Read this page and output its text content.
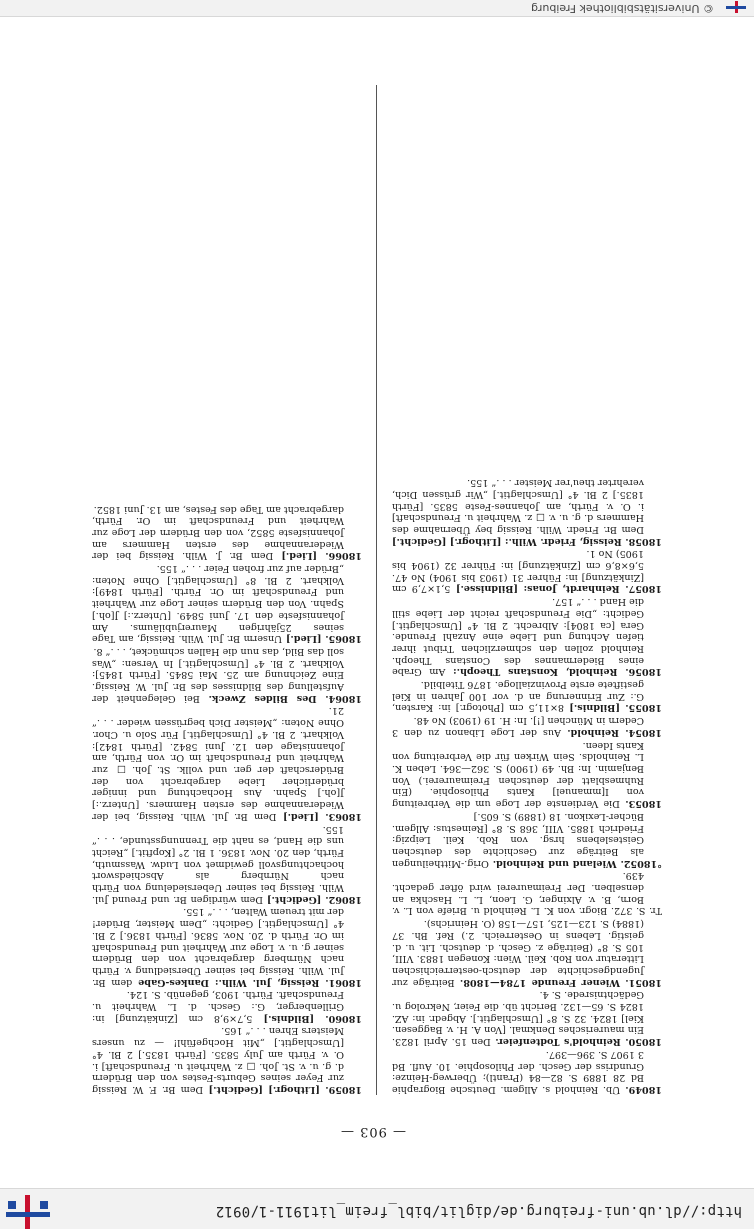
http://dl.ub.uni-freiburg.de/diglit/bibl_freim_lit1911-1/0912
— 903 —

18049. Üb. Reinhold s. Allgem. Deutsche Biographie Bd 28 1889 S. 82—84 (Prantl); Überweg-Heinze: Grundriss der Gesch. der Philosophie. 10. Aufl. Bd 3 1907 S. 396—397.

18050. Reinhold's Todtenfeier. Den 15. April 1823. Ein maurerisches Denkmal. [Von A. H. v. Baggesen. Kiel] 1824. 32 S. 8° [Umschlagtit.]. Abgedr. in: AZ. 1824 S. 65—132. Bericht üb. die Feier, Nekrolog u. Gedächtnisrede. S. 4.

18051. Wiener Freunde 1784—1808. Beiträge zur Jugendgeschichte der deutsch-oesterreichischen Litteratur von Rob. Keil. Wien: Konegen 1883. VIII, 105 S. 8° (Beiträge z. Gesch. d. deutsch. Lit. u. d. geistig. Lebens in Oesterreich. 2.) Ref. Bh. 37 (1884) S. 123—125, 157—158 (O. Heinrichs).

Tr. S. 372. Biogr. von K. L. Reinhold u. Briefe von L. v. Born, B. v. Alxinger, G. Leon, L. L. Haschka an denselben. Der Freimaurerei wird öfter gedacht. 439.

°18052. Wieland und Reinhold. Orig.-Mittheilungen als Beiträge zur Geschichte des deutschen Geisteslebens hrsg. von Rob. Keil. Leipzig: Friedrich 1885. VIII, 368 S. 8° [Reinestus: Allgem. Bücher-Lexikon. 18 (1889) S. 605.]

18053. Die Verdienste der Loge um die Verbreitung von I[mmanuel] Kants Philosophie. (Ein Ruhmesblatt der deutschen Freimaurerei.) Von Benjamin. In: Bh. 49 (1900) S. 362—364. Leben K. L. Reinholds. Sein Wirken für die Verbreitung von Kants Ideen.

18054. Reinhold. Aus der Loge Libanon zu den 3 Cedern in München [!]. In: H. 19 (1903) No 48.

18055. [Bildnis.] 8×11,5 cm [Photogr.] in: Karsten, G.: Zur Erinnerung an d. vor 100 Jahren in Kiel gestiftete erste Provinzialloge. 1876 Titelbild.

18056. Reinhold, Konstans Theoph.: Am Grabe eines Biedermannes des Constans Theoph. Reinhold zollen den schmerzlichen Tribut ihrer tiefen Achtung und Liebe eine Anzahl Freunde. Gera [ca 1804]: Albrecht. 2 Bl. 4° [Umschlagtit.] Gedicht: „Die Freundschaft reicht der Liebe still die Hand . . .“ 157.

18057. Reinhardt, Jonas: [Bildnisse.] 5,1×7,9 cm [Zinkätzung] in: Führer 31 (1903 bis 1904) No 47. 5,6×8,6 cm [Zinkätzung] in: Führer 32 (1904 bis 1905) No 1.

18058. Reissig, Friedr. Wilh.: [Lithogr.] [Gedicht.] Dem Br. Friedr. Wilh. Reissig bey Übernahme des Hammers d. g. u. v. □ z. Wahrheit u. Freundschaft] i. O. v. Fürth, am Johannes-Feste 5835. [Fürth 1835.] 2 Bl. 4° [Umschlagtit.] „Wir grüssen Dich, verehrter theu'rer Meister . . .“ 155.

18059. [Lithogr.] [Gedicht.] Dem Br. F. W. Reissig zur Feyer seines Geburts-Festes von den Brüdern d. g. u. v. St. Joh. □ z. Wahrheit u. Freundschaft] i. O. v. Fürth am July 5835. [Fürth 1835.] 2 Bl. 4° [Umschlagtit.] „Mit Hochgefühl! — zu unsers Meisters Ehren . . .“ 165.

18060. [Bildnis.] 5,7×9,8 cm [Zinkätzung] in: Grillenberger, G.: Gesch. d. L. Wahrheit u. Freundschaft. Fürth. 1903, gegenüb. S. 124.

18061. Reissig, Jul. Wilh.: Dankes-Gabe dem Br. Jul. Wilh. Reissig bei seiner Übersiedlung v. Fürth nach Nürnberg dargebracht von den Brüdern seiner g. u. v. Loge zur Wahrheit und Freundschaft im Or. Fürth d. 20. Nov. 5836. [Fürth 1836.] 2 Bl. 4° [Umschlagtit.] Gedicht: „Dem Meister, Brüder! der mit treuem Walten, . . .“ 155.

18062. [Gedicht.] Dem würdigen Br. und Freund Jul. Wilh. Reissig bei seiner Uebersiedelung von Fürth nach Nürnberg als Abschiedswort hochachtungsvoll gewidmet von Ludw. Wassmuth, Fürth, den 20. Nov. 1836. 1 Bl. 2° [Kopftit.] „Reicht uns die Hand, es naht die Trennungsstunde, . . .“ 155.

18063. [Lied.] Dem Br. Jul. Wilh. Reissig, bei der Wiederannahme des ersten Hammers. [Unterz.:] J[oh.] Spahn. Aus Hochachtung und inniger brüderlicher Liebe dargebracht von der Brüderschaft der ger. und vollk. St. Joh. □ zur Wahrheit und Freundschaft im Or. von Fürth, am Johannistage den 12. Juni 5842. [Fürth 1842]: Volkhart. 2 Bl. 4° [Umschlagtit.] Für Solo u. Chor. Ohne Noten: „Meister Dich begrüssen wieder . . .“ 21.

18064. Des Bildes Zweck. Bei Gelegenheit der Aufstellung des Bildnisses des Br. Jul. W. Reissig. Eine Zeichnung am 25. Mai 5845. [Fürth 1845]: Volkhart. 2 Bl. 4° [Umschlagtit.] In Versen: „Was soll das Bild, das nun die Hallen schmücket, . . .“ 8.

18065. [Lied.] Unserm Br. Jul. Wilh. Reissig, am Tage seines 25jährigen Maurerjubiläums. Am Johannisfeste den 17. Juni 5849. [Unterz.:] J[oh.] Spahn. Von den Brüdern seiner Loge zur Wahrheit und Freundschaft im Or. Fürth. [Fürth 1849]: Volkhart. 2 Bl. 8° [Umschlagtit.] Ohne Noten: „Brüder auf zur frohen Feier . . .“ 155.

18066. [Lied.] Dem Br. J. Wilh. Reissig bei der Wiederannahme des ersten Hammers am Johannisfeste 5852, von den Brüdern der Loge zur Wahrheit und Freundschaft im Or. Fürth, dargebracht am Tage des Festes, am 13. Juni 1852.

© Universitätsbibliothek Freiburg
